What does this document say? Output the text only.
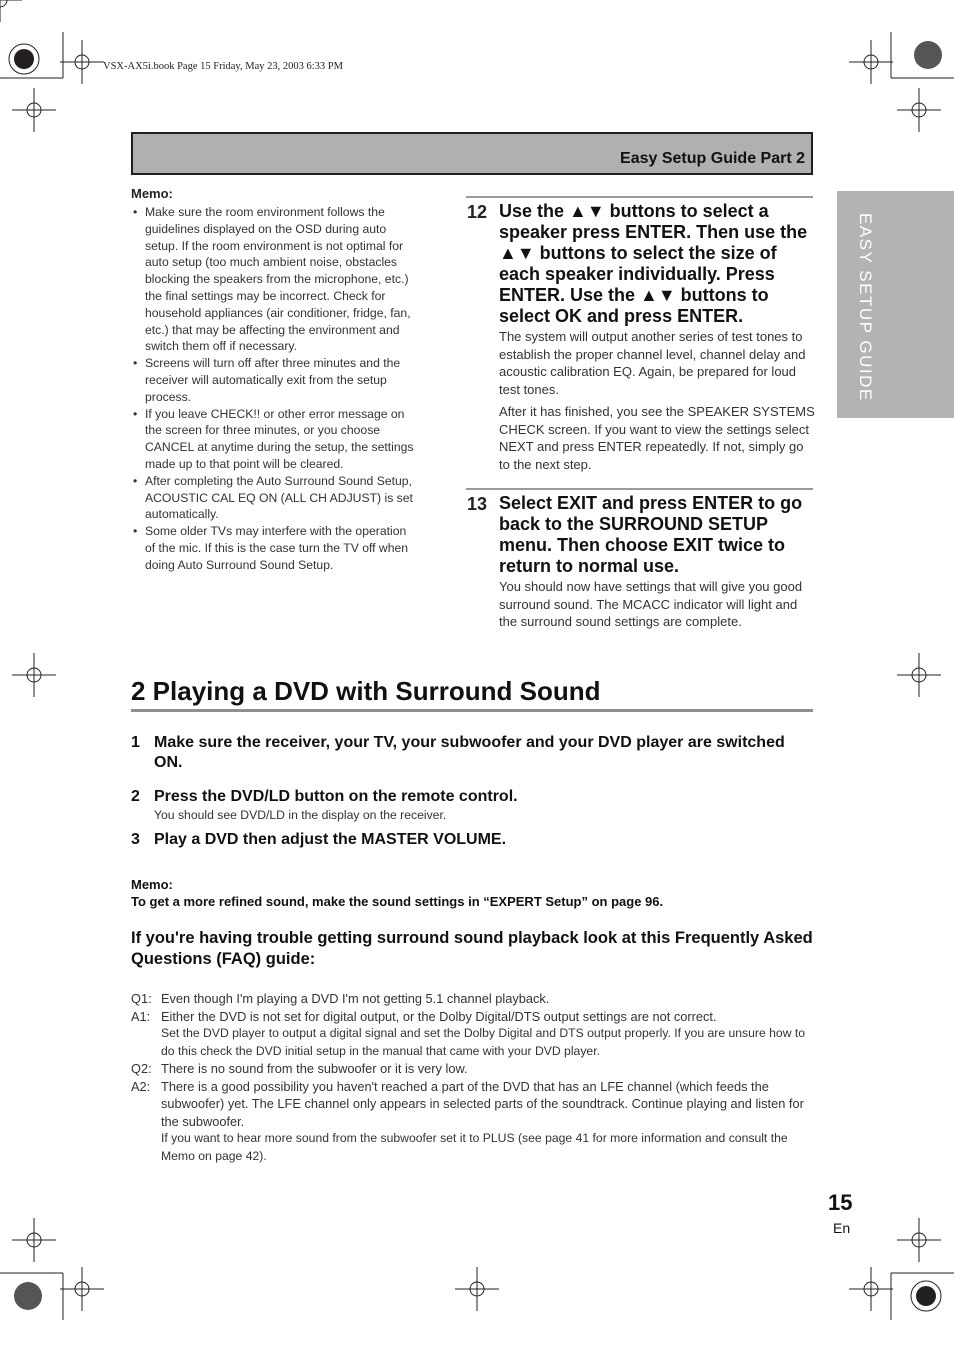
VSX-AX5i.book Page 15 Friday, May 23, 2003 6:33 PM
Easy Setup Guide Part 2
EASY SETUP GUIDE
Memo:
• Make sure the room environment follows the guidelines displayed on the OSD during auto setup. If the room environment is not optimal for auto setup (too much ambient noise, obstacles blocking the speakers from the microphone, etc.) the final settings may be incorrect. Check for household appliances (air conditioner, fridge, fan, etc.) that may be affecting the environment and switch them off if necessary.
• Screens will turn off after three minutes and the receiver will automatically exit from the setup process.
• If you leave CHECK!! or other error message on the screen for three minutes, or you choose CANCEL at anytime during the setup, the settings made up to that point will be cleared.
• After completing the Auto Surround Sound Setup, ACOUSTIC CAL EQ ON (ALL CH ADJUST) is set automatically.
• Some older TVs may interfere with the operation of the mic. If this is the case turn the TV off when doing Auto Surround Sound Setup.
12 Use the ▲▼ buttons to select a speaker press ENTER. Then use the ▲▼ buttons to select the size of each speaker individually. Press ENTER. Use the ▲▼ buttons to select OK and press ENTER.

The system will output another series of test tones to establish the proper channel level, channel delay and acoustic calibration EQ. Again, be prepared for loud test tones.

After it has finished, you see the SPEAKER SYSTEMS CHECK screen. If you want to view the settings select NEXT and press ENTER repeatedly. If not, simply go to the next step.

13 Select EXIT and press ENTER to go back to the SURROUND SETUP menu. Then choose EXIT twice to return to normal use.

You should now have settings that will give you good surround sound. The MCACC indicator will light and the surround sound settings are complete.

2 Playing a DVD with Surround Sound
1 Make sure the receiver, your TV, your subwoofer and your DVD player are switched ON.
2 Press the DVD/LD button on the remote control.
You should see DVD/LD in the display on the receiver.
3 Play a DVD then adjust the MASTER VOLUME.
Memo:
To get a more refined sound, make the sound settings in “EXPERT Setup” on page 96.
If you're having trouble getting surround sound playback look at this Frequently Asked Questions (FAQ) guide:
Q1: Even though I'm playing a DVD I'm not getting 5.1 channel playback.
A1: Either the DVD is not set for digital output, or the Dolby Digital/DTS output settings are not correct.
Set the DVD player to output a digital signal and set the Dolby Digital and DTS output properly. If you are unsure how to do this check the DVD initial setup in the manual that came with your DVD player.
Q2: There is no sound from the subwoofer or it is very low.
A2: There is a good possibility you haven't reached a part of the DVD that has an LFE channel (which feeds the subwoofer) yet. The LFE channel only appears in selected parts of the soundtrack. Continue playing and listen for the subwoofer.
If you want to hear more sound from the subwoofer set it to PLUS (see page 41 for more information and consult the Memo on page 42).
15
En
